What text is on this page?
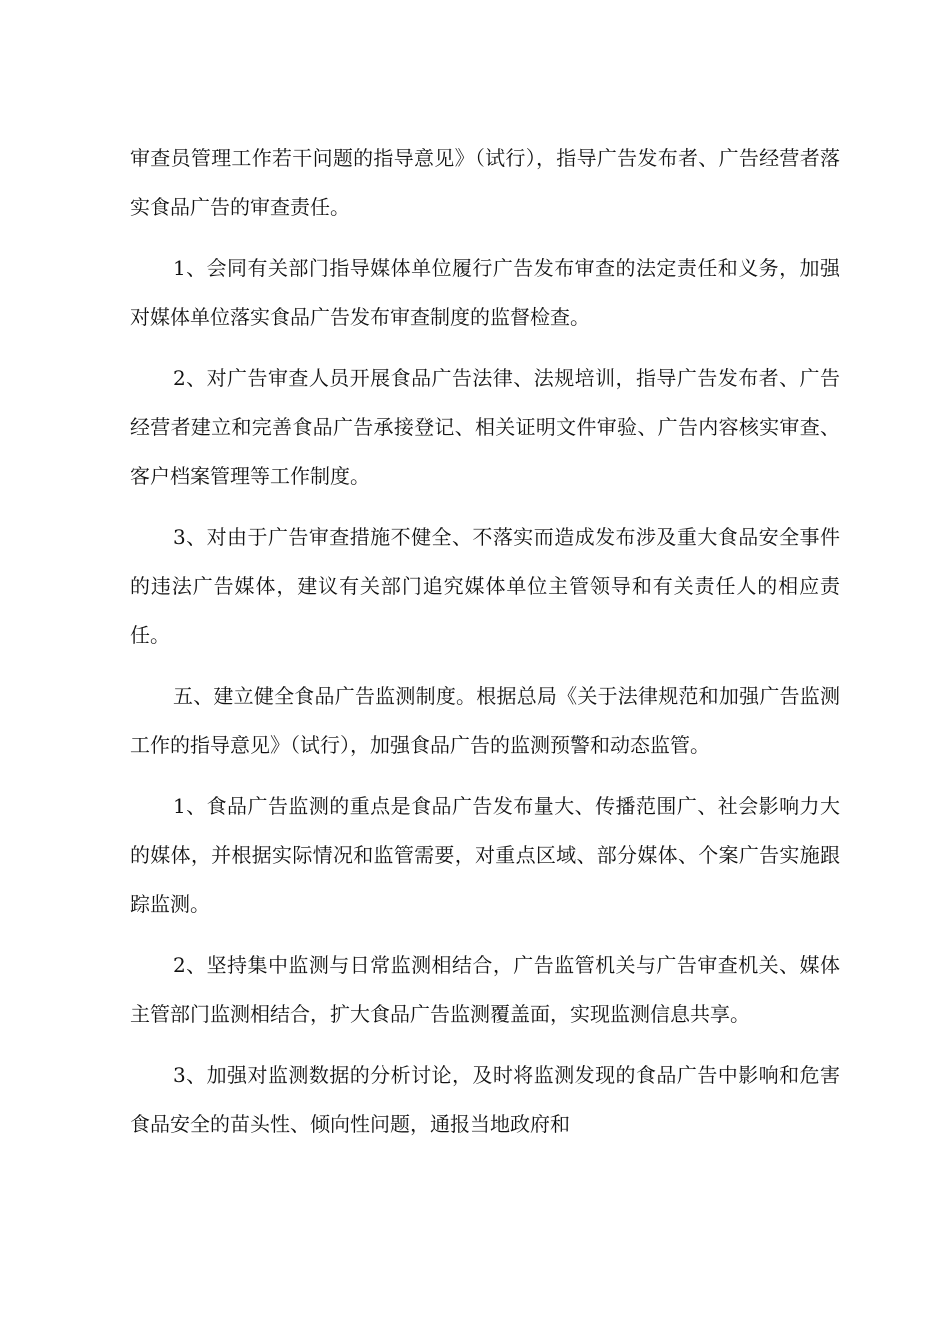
审查员管理工作若干问题的指导意见》（试行），指导广告发布者、广告经营者落实食品广告的审查责任。

1、会同有关部门指导媒体单位履行广告发布审查的法定责任和义务，加强对媒体单位落实食品广告发布审查制度的监督检查。

2、对广告审查人员开展食品广告法律、法规培训，指导广告发布者、广告经营者建立和完善食品广告承接登记、相关证明文件审验、广告内容核实审查、客户档案管理等工作制度。

3、对由于广告审查措施不健全、不落实而造成发布涉及重大食品安全事件的违法广告媒体，建议有关部门追究媒体单位主管领导和有关责任人的相应责任。

五、建立健全食品广告监测制度。根据总局《关于法律规范和加强广告监测工作的指导意见》（试行），加强食品广告的监测预警和动态监管。

1、食品广告监测的重点是食品广告发布量大、传播范围广、社会影响力大的媒体，并根据实际情况和监管需要，对重点区域、部分媒体、个案广告实施跟踪监测。

2、坚持集中监测与日常监测相结合，广告监管机关与广告审查机关、媒体主管部门监测相结合，扩大食品广告监测覆盖面，实现监测信息共享。

3、加强对监测数据的分析讨论，及时将监测发现的食品广告中影响和危害食品安全的苗头性、倾向性问题，通报当地政府和
